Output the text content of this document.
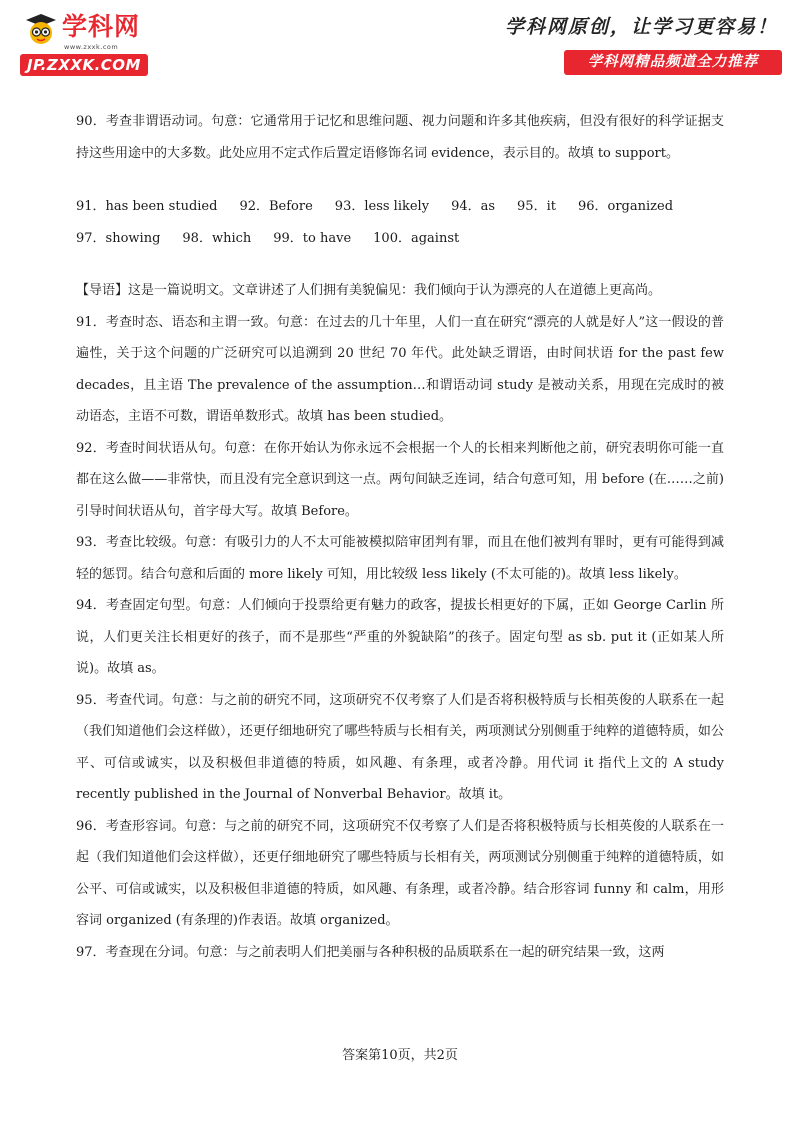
学科网
www.zxxk.com
JP.ZXXK.COM
学科网原创，让学习更容易！
学科网精品频道全力推荐

90．考查非谓语动词。句意：它通常用于记忆和思维问题、视力问题和许多其他疾病，但没有很好的科学证据支持这些用途中的大多数。此处应用不定式作后置定语修饰名词 evidence，表示目的。故填 to support。

91．has been studied 92．Before 93．less likely 94．as 95．it 96．organized97．showing 98．which 99．to have 100．against

【导语】这是一篇说明文。文章讲述了人们拥有美貌偏见：我们倾向于认为漂亮的人在道德上更高尚。

91．考查时态、语态和主谓一致。句意：在过去的几十年里，人们一直在研究“漂亮的人就是好人”这一假设的普遍性，关于这个问题的广泛研究可以追溯到 20 世纪 70 年代。此处缺乏谓语，由时间状语 for the past few decades，且主语 The prevalence of the assumption…和谓语动词 study 是被动关系，用现在完成时的被动语态，主语不可数，谓语单数形式。故填 has been studied。

92．考查时间状语从句。句意：在你开始认为你永远不会根据一个人的长相来判断他之前，研究表明你可能一直都在这么做——非常快，而且没有完全意识到这一点。两句间缺乏连词，结合句意可知，用 before (在……之前)引导时间状语从句，首字母大写。故填 Before。

93．考查比较级。句意：有吸引力的人不太可能被模拟陪审团判有罪，而且在他们被判有罪时，更有可能得到减轻的惩罚。结合句意和后面的 more likely 可知，用比较级 less likely (不太可能的)。故填 less likely。

94．考查固定句型。句意：人们倾向于投票给更有魅力的政客，提拔长相更好的下属，正如 George Carlin 所说，人们更关注长相更好的孩子，而不是那些“严重的外貌缺陷”的孩子。固定句型 as sb. put it (正如某人所说)。故填 as。

95．考查代词。句意：与之前的研究不同，这项研究不仅考察了人们是否将积极特质与长相英俊的人联系在一起（我们知道他们会这样做），还更仔细地研究了哪些特质与长相有关，两项测试分别侧重于纯粹的道德特质，如公平、可信或诚实，以及积极但非道德的特质，如风趣、有条理，或者冷静。用代词 it 指代上文的 A study recently published in the Journal of Nonverbal Behavior。故填 it。

96．考查形容词。句意：与之前的研究不同，这项研究不仅考察了人们是否将积极特质与长相英俊的人联系在一起（我们知道他们会这样做），还更仔细地研究了哪些特质与长相有关，两项测试分别侧重于纯粹的道德特质，如公平、可信或诚实，以及积极但非道德的特质，如风趣、有条理，或者冷静。结合形容词 funny 和 calm，用形容词 organized (有条理的)作表语。故填 organized。

97．考查现在分词。句意：与之前表明人们把美丽与各种积极的品质联系在一起的研究结果一致，这两

答案第10页，共2页
